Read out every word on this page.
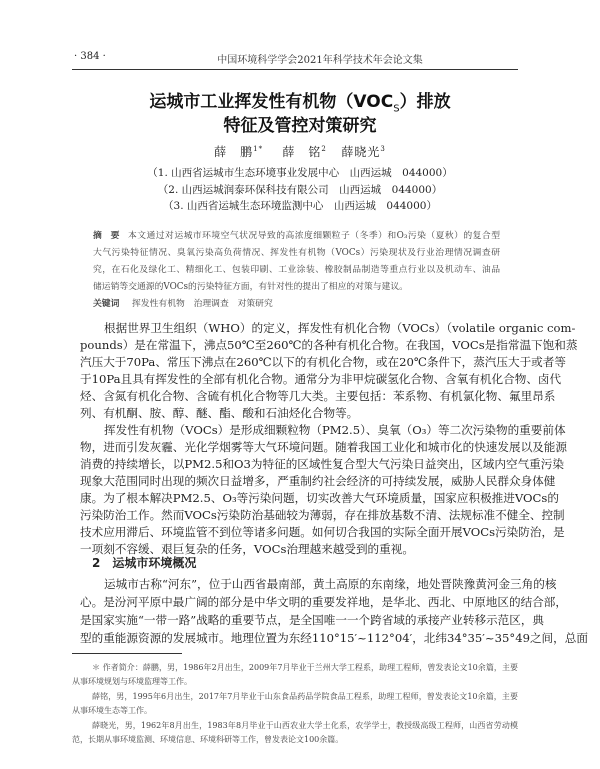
· 384 ·	中国环境科学学会2021年科学技术年会论文集
运城市工业挥发性有机物$(VOC_S)$排放
特征及管控对策研究
薛　鹏$^{1*}$ 薛　铭$^2$ 薛晓光$^3$
（1. 山西省运城市生态环境事业发展中心　山西运城　044000）
（2. 山西运城润泰环保科技有限公司　山西运城　044000）
（3. 山西省运城生态环境监测中心　山西运城　044000）
摘　要 本文通过对运城市环境空气状况导致的高浓度细颗粒子（冬季）和O₃污染（夏秋）的复合型
大气污染特征情况、臭氧污染高负荷情况、挥发性有机物（VOCs）污染现状及行业治理情况调查研
究，在石化及绿化工、精细化工、包装印刷、工业涂装、橡胶制品制造等重点行业以及机动车、油品
储运销等交通源的VOCs的污染特征方面，有针对性的提出了相应的对策与建议。
关键词	挥发性有机物　治理调查　对策研究
根据世界卫生组织（WHO）的定义，挥发性有机化合物（VOCs）（volatile organic com-
pounds）是在常温下，沸点50℃至260℃的各种有机化合物。在我国，VOCs是指常温下饱和蒸
汽压大于70Pa、常压下沸点在260℃以下的有机化合物，或在20℃条件下，蒸汽压大于或者等
于10Pa且具有挥发性的全部有机化合物。通常分为非甲烷碳氢化合物、含氧有机化合物、卤代
烃、含氮有机化合物、含硫有机化合物等几大类。主要包括：苯系物、有机氯化物、氟里昂系
列、有机酮、胺、醇、醚、酯、酸和石油烃化合物等。
挥发性有机物（VOCs）是形成细颗粒物（PM2.5）、臭氧（O₃）等二次污染物的重要前体
物，进而引发灰霾、光化学烟雾等大气环境问题。随着我国工业化和城市化的快速发展以及能源
消费的持续增长，以PM2.5和O3为特征的区域性复合型大气污染日益突出，区域内空气重污染
现象大范围同时出现的频次日益增多，严重制约社会经济的可持续发展，威胁人民群众身体健
康。为了根本解决PM2.5、O₃等污染问题，切实改善大气环境质量，国家应积极推进VOCs的
污染防治工作。然而VOCs污染防治基础较为薄弱，存在排放基数不清、法规标准不健全、控制
技术应用滞后、环境监管不到位等诸多问题。如何切合我国的实际全面开展VOCs污染防治，是
一项刻不容缓、艰巨复杂的任务，VOCs治理越来越受到的重视。
运城市古称“河东”，位于山西省最南部，黄土高原的东南缘，地处晋陕豫黄河金三角的核
心。是汾河平原中最广阔的部分是中华文明的重要发祥地，是华北、西北、中原地区的结合部，
是国家实施“一带一路”战略的重要节点，是全国唯一一个跨省域的承接产业转移示范区，典
型的重能源资源的发展城市。地理位置为东经110°15′~112°04′，北纬34°35′~35°49之间，总面
2 运城市环境概况
＊ 作者简介：薛鹏，男，1986年2月出生，2009年7月毕业于兰州大学工程系，助理工程师，曾发表论文10余篇，主要
从事环境规划与环境监理等工作。
薛铭，男，1995年6月出生，2017年7月毕业于山东食品药品学院食品工程系，助理工程师，曾发表论文10余篇，主要
从事环境生态等工作。
薛晓光，男，1962年8月出生，1983年8月毕业于山西农业大学土化系，农学学士，教授级高级工程师，山西省劳动模
范，长期从事环境监测、环境信息、环境科研等工作，曾发表论文100余篇。
